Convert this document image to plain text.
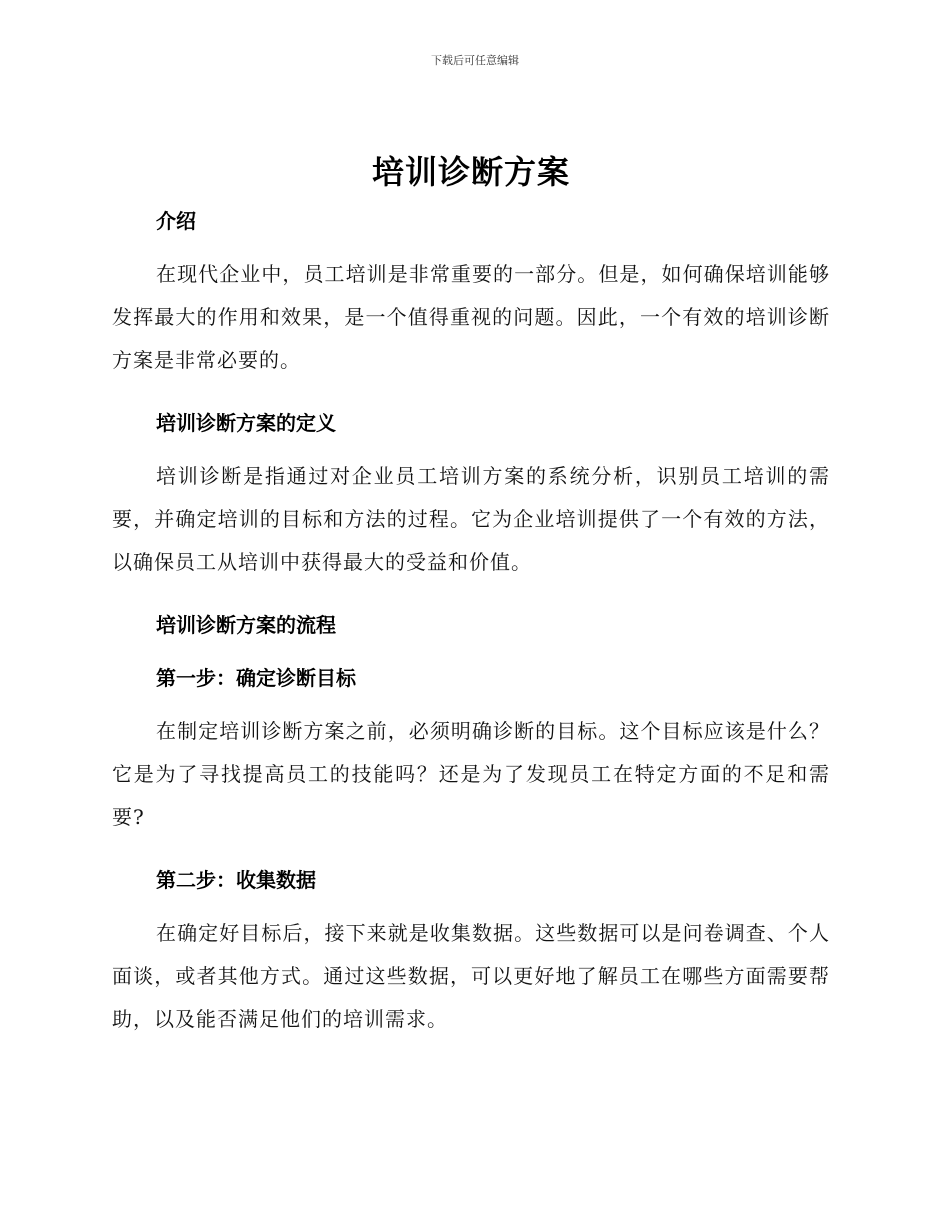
下载后可任意编辑
培训诊断方案
介绍

在现代企业中，员工培训是非常重要的一部分。但是，如何确保培训能够发挥最大的作用和效果，是一个值得重视的问题。因此，一个有效的培训诊断方案是非常必要的。

培训诊断方案的定义

培训诊断是指通过对企业员工培训方案的系统分析，识别员工培训的需要，并确定培训的目标和方法的过程。它为企业培训提供了一个有效的方法，以确保员工从培训中获得最大的受益和价值。

培训诊断方案的流程
第一步：确定诊断目标

在制定培训诊断方案之前，必须明确诊断的目标。这个目标应该是什么？它是为了寻找提高员工的技能吗？还是为了发现员工在特定方面的不足和需要?

第二步：收集数据

在确定好目标后，接下来就是收集数据。这些数据可以是问卷调查、个人面谈，或者其他方式。通过这些数据，可以更好地了解员工在哪些方面需要帮助，以及能否满足他们的培训需求。
